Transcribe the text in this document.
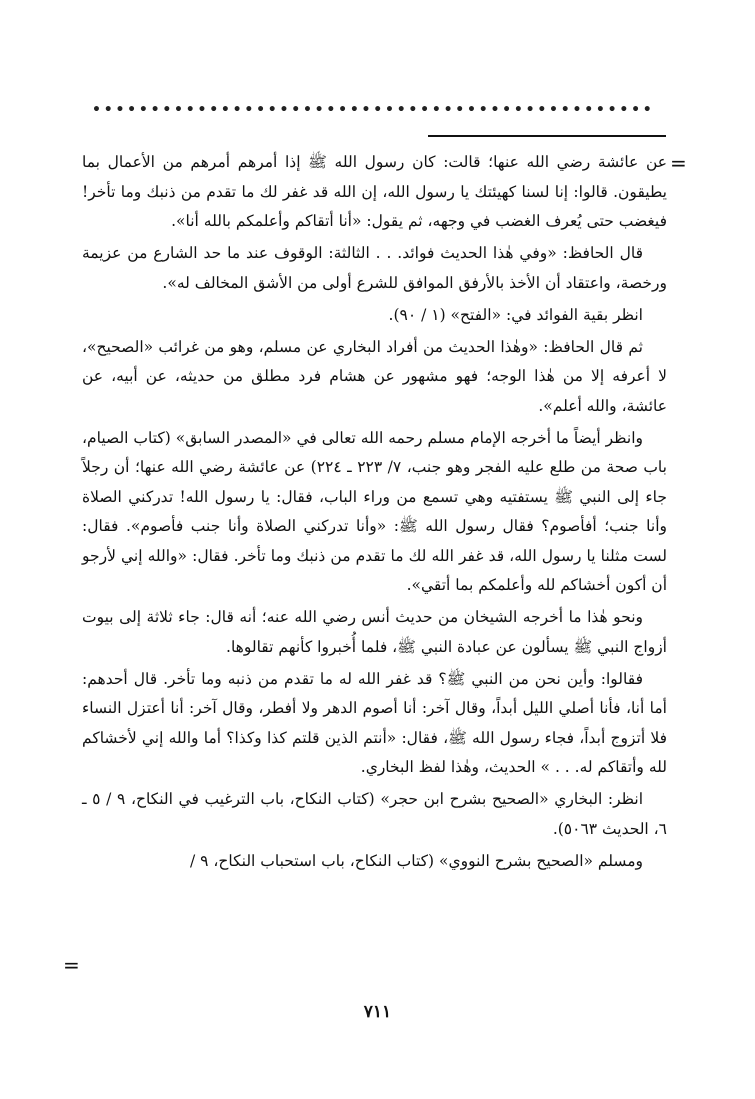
• • • • • • • • • • • • • • • • • • • • • • • • • • • • • • • • • • • • • • • • • • • • • • • •
=

عن عائشة رضي الله عنها؛ قالت: كان رسول الله ﷺ إذا أمرهم أمرهم من الأعمال بما يطيقون. قالوا: إنا لسنا كهيئتك يا رسول الله، إن الله قد غفر لك ما تقدم من ذنبك وما تأخر! فيغضب حتى يُعرف الغضب في وجهه، ثم يقول: «أنا أتقاكم وأعلمكم بالله أنا».

قال الحافظ: «وفي هٰذا الحديث فوائد. . . الثالثة: الوقوف عند ما حد الشارع من عزيمة ورخصة، واعتقاد أن الأخذ بالأرفق الموافق للشرع أولى من الأشق المخالف له».

انظر بقية الفوائد في: «الفتح» (١ / ٩٠).

ثم قال الحافظ: «وهٰذا الحديث من أفراد البخاري عن مسلم، وهو من غرائب «الصحيح»، لا أعرفه إلا من هٰذا الوجه؛ فهو مشهور عن هشام فرد مطلق من حديثه، عن أبيه، عن عائشة، والله أعلم».

وانظر أيضاً ما أخرجه الإمام مسلم رحمه الله تعالى في «المصدر السابق» (كتاب الصيام، باب صحة من طلع عليه الفجر وهو جنب، ٧/ ٢٢٣ ـ ٢٢٤) عن عائشة رضي الله عنها؛ أن رجلاً جاء إلى النبي ﷺ يستفتيه وهي تسمع من وراء الباب، فقال: يا رسول الله! تدركني الصلاة وأنا جنب؛ أفأصوم؟ فقال رسول الله ﷺ: «وأنا تدركني الصلاة وأنا جنب فأصوم». فقال: لست مثلنا يا رسول الله، قد غفر الله لك ما تقدم من ذنبك وما تأخر. فقال: «والله إني لأرجو أن أكون أخشاكم لله وأعلمكم بما أتقي».

ونحو هٰذا ما أخرجه الشيخان من حديث أنس رضي الله عنه؛ أنه قال: جاء ثلاثة إلى بيوت أزواج النبي ﷺ يسألون عن عبادة النبي ﷺ، فلما أُخبروا كأنهم تقالوها.

فقالوا: وأين نحن من النبي ﷺ؟ قد غفر الله له ما تقدم من ذنبه وما تأخر. قال أحدهم: أما أنا، فأنا أصلي الليل أبداً، وقال آخر: أنا أصوم الدهر ولا أفطر، وقال آخر: أنا أعتزل النساء فلا أتزوج أبداً، فجاء رسول الله ﷺ، فقال: «أنتم الذين قلتم كذا وكذا؟ أما والله إني لأخشاكم لله وأتقاكم له. . . » الحديث، وهٰذا لفظ البخاري.

انظر: البخاري «الصحيح بشرح ابن حجر» (كتاب النكاح، باب الترغيب في النكاح، ٩ / ٥ ـ ٦، الحديث ٥٠٦٣).

ومسلم «الصحيح بشرح النووي» (كتاب النكاح، باب استحباب النكاح، ٩ /

=
٧١١
